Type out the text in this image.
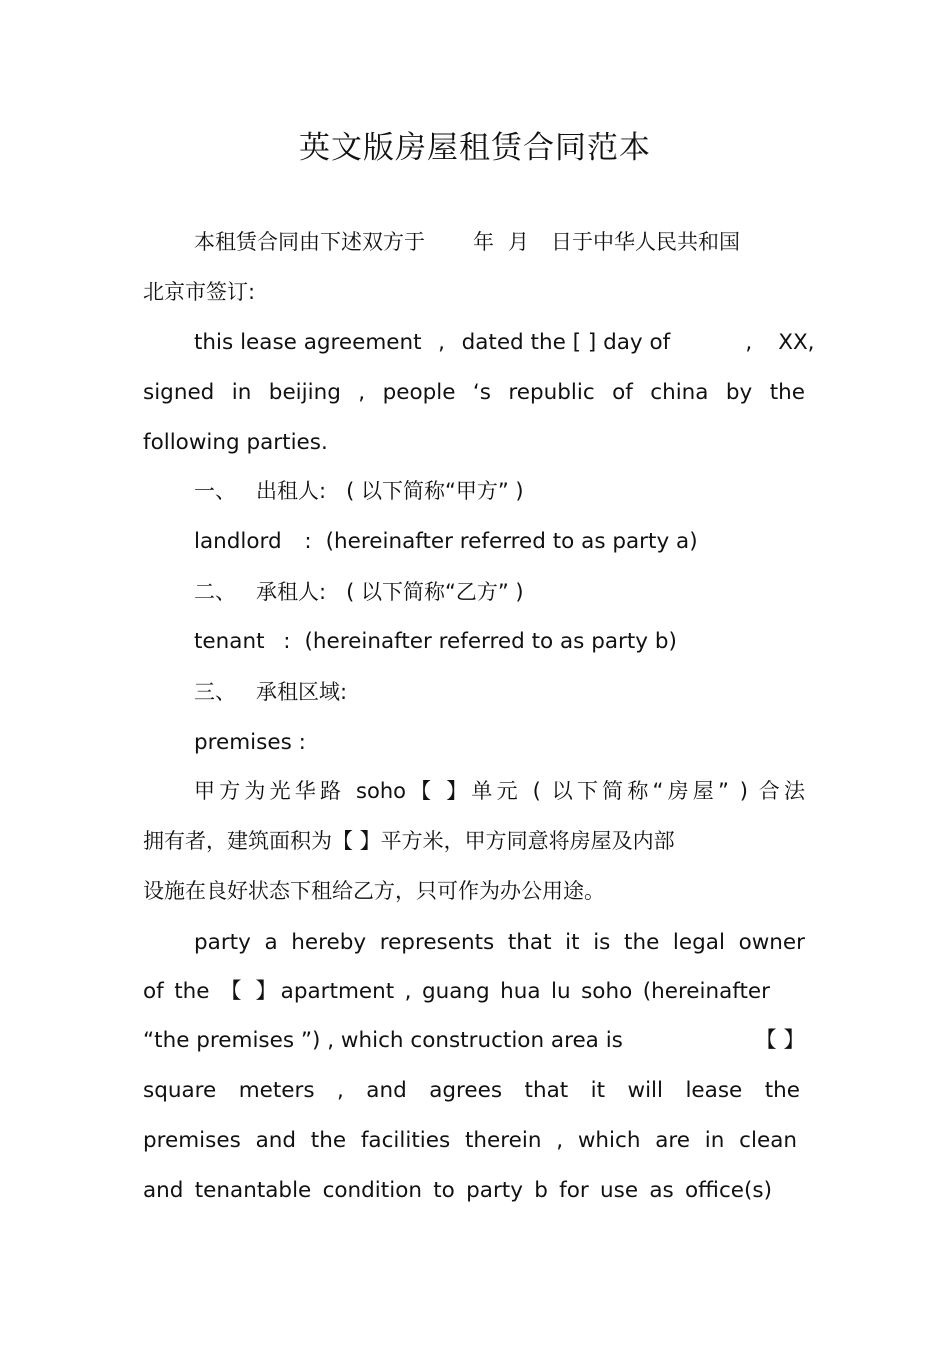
英文版房屋租赁合同范本
本租赁合同由下述双方于 年 月 日于中华人民共和国
北京市签订:
this lease agreement , dated the [ ] day of	, XX,
signed in beijing , people ‘s republic of china by the
following parties.
一、 出租人: ( 以下简称“甲方” )
landlord : (hereinafter referred to as party a)
二、 承租人: ( 以下简称“乙方” )
tenant : (hereinafter referred to as party b)
三、 承租区域:
premises :
甲方为光华路 soho【 】单元 ( 以下简称“房屋” ) 合法
拥有者，建筑面积为【 】平方米，甲方同意将房屋及内部
设施在良好状态下租给乙方，只可作为办公用途。
party a hereby represents that it is the legal owner
of the 【 】apartment , guang hua lu soho (hereinafter
“the premises ”) , which construction area is	【 】
square meters , and agrees that it will lease the
premises and the facilities therein , which are in clean
and tenantable condition to party b for use as office(s)
